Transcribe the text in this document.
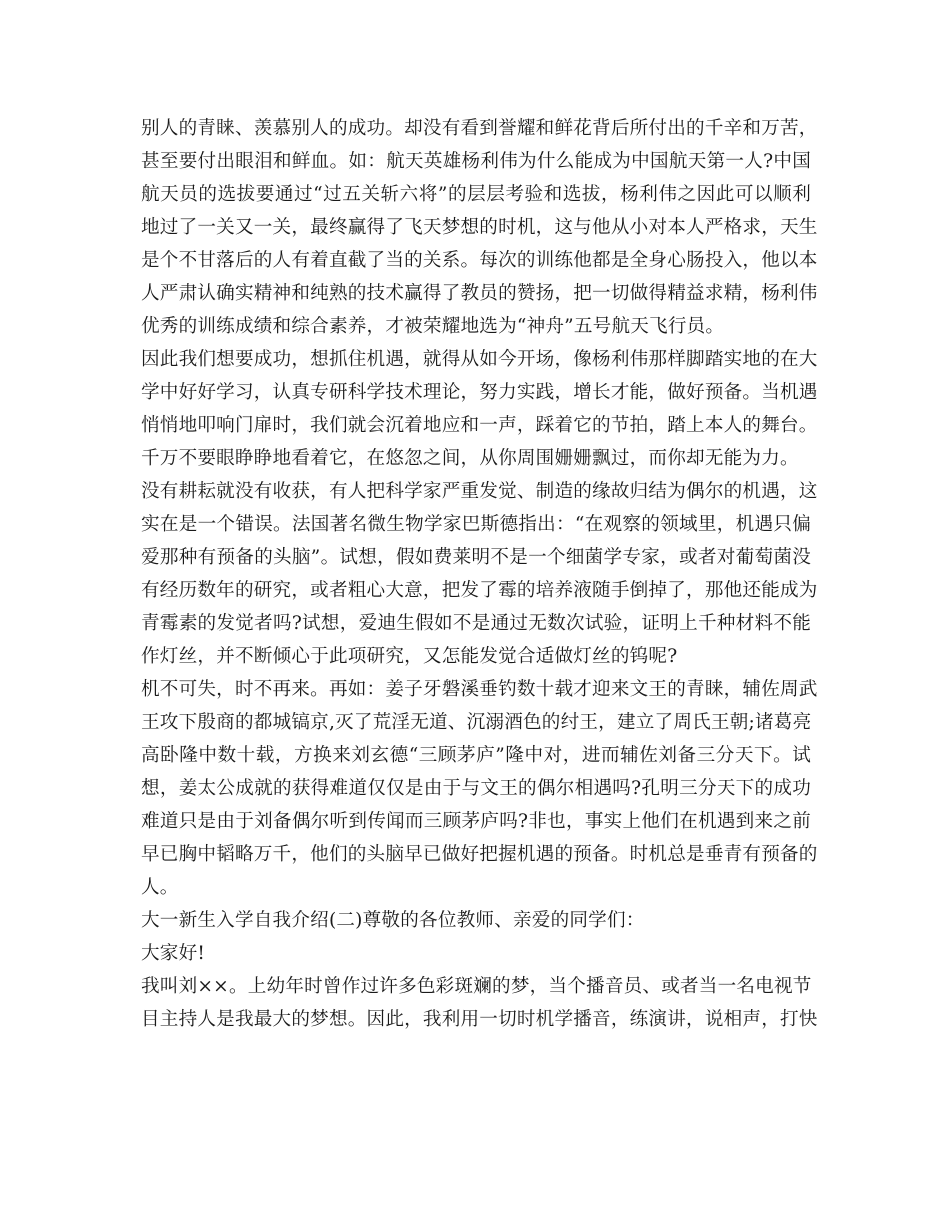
别人的青睐、羡慕别人的成功。却没有看到誉耀和鲜花背后所付出的千辛和万苦，
甚至要付出眼泪和鲜血。如：航天英雄杨利伟为什么能成为中国航天第一人?中国
航天员的选拔要通过“过五关斩六将”的层层考验和选拔，杨利伟之因此可以顺利
地过了一关又一关，最终赢得了飞天梦想的时机，这与他从小对本人严格求，天生
是个不甘落后的人有着直截了当的关系。每次的训练他都是全身心肠投入，他以本
人严肃认确实精神和纯熟的技术赢得了教员的赞扬，把一切做得精益求精，杨利伟
优秀的训练成绩和综合素养，才被荣耀地选为“神舟”五号航天飞行员。
因此我们想要成功，想抓住机遇，就得从如今开场，像杨利伟那样脚踏实地的在大
学中好好学习，认真专研科学技术理论，努力实践，增长才能，做好预备。当机遇
悄悄地叩响门扉时，我们就会沉着地应和一声，踩着它的节拍，踏上本人的舞台。
千万不要眼睁睁地看着它，在悠忽之间，从你周围姗姗飘过，而你却无能为力。
没有耕耘就没有收获，有人把科学家严重发觉、制造的缘故归结为偶尔的机遇，这
实在是一个错误。法国著名微生物学家巴斯德指出：“在观察的领域里，机遇只偏
爱那种有预备的头脑”。试想，假如费莱明不是一个细菌学专家，或者对葡萄菌没
有经历数年的研究，或者粗心大意，把发了霉的培养液随手倒掉了，那他还能成为
青霉素的发觉者吗?试想，爱迪生假如不是通过无数次试验，证明上千种材料不能
作灯丝，并不断倾心于此项研究，又怎能发觉合适做灯丝的钨呢?
机不可失，时不再来。再如：姜子牙磐溪垂钓数十载才迎来文王的青睐，辅佐周武
王攻下殷商的都城镐京,灭了荒淫无道、沉溺酒色的纣王，建立了周氏王朝;诸葛亮
高卧隆中数十载，方换来刘玄德“三顾茅庐”隆中对，进而辅佐刘备三分天下。试
想，姜太公成就的获得难道仅仅是由于与文王的偶尔相遇吗?孔明三分天下的成功
难道只是由于刘备偶尔听到传闻而三顾茅庐吗?非也，事实上他们在机遇到来之前
早已胸中韬略万千，他们的头脑早已做好把握机遇的预备。时机总是垂青有预备的
人。
大一新生入学自我介绍(二)尊敬的各位教师、亲爱的同学们：
大家好!
我叫刘××。上幼年时曾作过许多色彩斑斓的梦，当个播音员、或者当一名电视节
目主持人是我最大的梦想。因此，我利用一切时机学播音，练演讲，说相声，打快
